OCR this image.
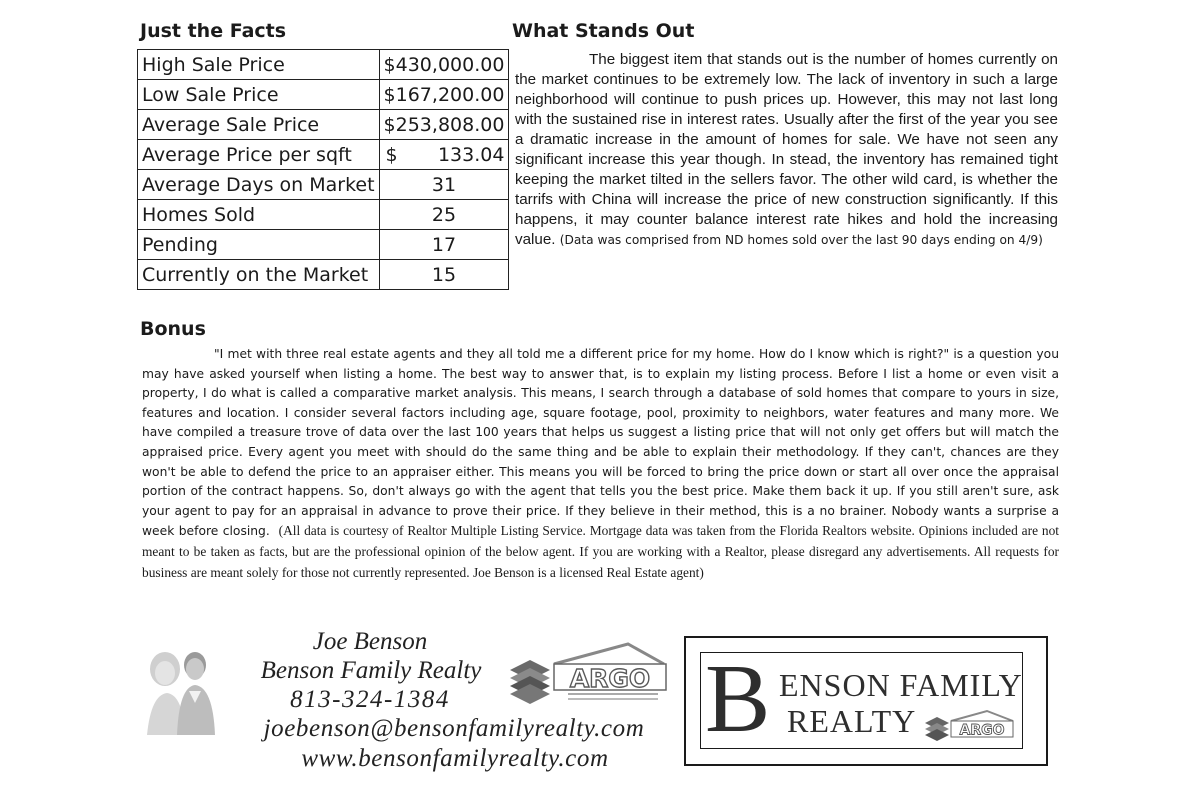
Just the Facts
High Sale Price	$430,000.00
Low Sale Price	$167,200.00
Average Sale Price	$253,808.00
Average Price per sqft	$ 133.04
Average Days on Market	31
Homes Sold	25
Pending	17
Currently on the Market	15
What Stands Out

The biggest item that stands out is the number of homes currently on the market continues to be extremely low. The lack of inventory in such a large neighborhood will continue to push prices up. However, this may not last long with the sustained rise in interest rates. Usually after the first of the year you see a dramatic increase in the amount of homes for sale. We have not seen any significant increase this year though. In stead, the inventory has remained tight keeping the market tilted in the sellers favor. The other wild card, is whether the tarrifs with China will increase the price of new construction significantly. If this happens, it may counter balance interest rate hikes and hold the increasing value. (Data was comprised from ND homes sold over the last 90 days ending on 4/9)

Bonus

"I met with three real estate agents and they all told me a different price for my home. How do I know which is right?" is a question you may have asked yourself when listing a home. The best way to answer that, is to explain my listing process. Before I list a home or even visit a property, I do what is called a comparative market analysis. This means, I search through a database of sold homes that compare to yours in size, features and location. I consider several factors including age, square footage, pool, proximity to neighbors, water features and many more. We have compiled a treasure trove of data over the last 100 years that helps us suggest a listing price that will not only get offers but will match the appraised price. Every agent you meet with should do the same thing and be able to explain their methodology. If they can't, chances are they won't be able to defend the price to an appraiser either. This means you will be forced to bring the price down or start all over once the appraisal portion of the contract happens. So, don't always go with the agent that tells you the best price. Make them back it up. If you still aren't sure, ask your agent to pay for an appraisal in advance to prove their price. If they believe in their method, this is a no brainer. Nobody wants a surprise a week before closing. (All data is courtesy of Realtor Multiple Listing Service. Mortgage data was taken from the Florida Realtors website. Opinions included are not meant to be taken as facts, but are the professional opinion of the below agent. If you are working with a Realtor, please disregard any advertisements. All requests for business are meant solely for those not currently represented. Joe Benson is a licensed Real Estate agent)

Joe Benson
Benson Family Realty
813-324-1384
joebenson@bensonfamilyrealty.com
www.bensonfamilyrealty.com
ARGO B ENSON FAMILY
REALTY	ARGO
